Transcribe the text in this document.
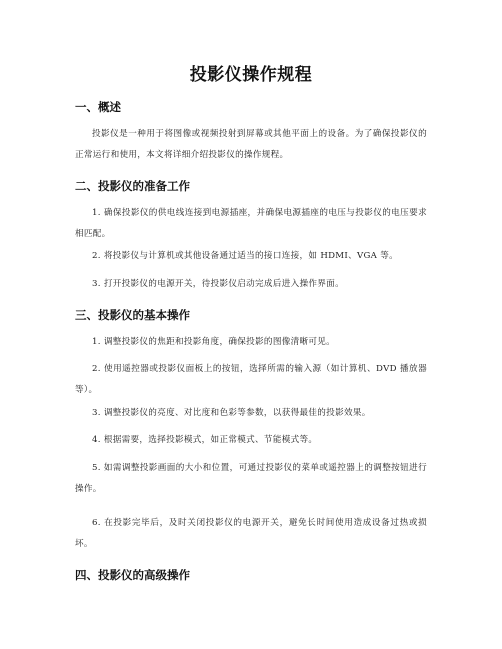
投影仪操作规程
一、概述
投影仪是一种用于将图像或视频投射到屏幕或其他平面上的设备。为了确保投影仪的正常运行和使用，本文将详细介绍投影仪的操作规程。
二、投影仪的准备工作
1. 确保投影仪的供电线连接到电源插座，并确保电源插座的电压与投影仪的电压要求相匹配。
2. 将投影仪与计算机或其他设备通过适当的接口连接，如 HDMI、VGA 等。
3. 打开投影仪的电源开关，待投影仪启动完成后进入操作界面。
三、投影仪的基本操作
1. 调整投影仪的焦距和投影角度，确保投影的图像清晰可见。
2. 使用遥控器或投影仪面板上的按钮，选择所需的输入源（如计算机、DVD 播放器等）。
3. 调整投影仪的亮度、对比度和色彩等参数，以获得最佳的投影效果。
4. 根据需要，选择投影模式，如正常模式、节能模式等。
5. 如需调整投影画面的大小和位置，可通过投影仪的菜单或遥控器上的调整按钮进行操作。
6. 在投影完毕后，及时关闭投影仪的电源开关，避免长时间使用造成设备过热或损坏。
四、投影仪的高级操作
